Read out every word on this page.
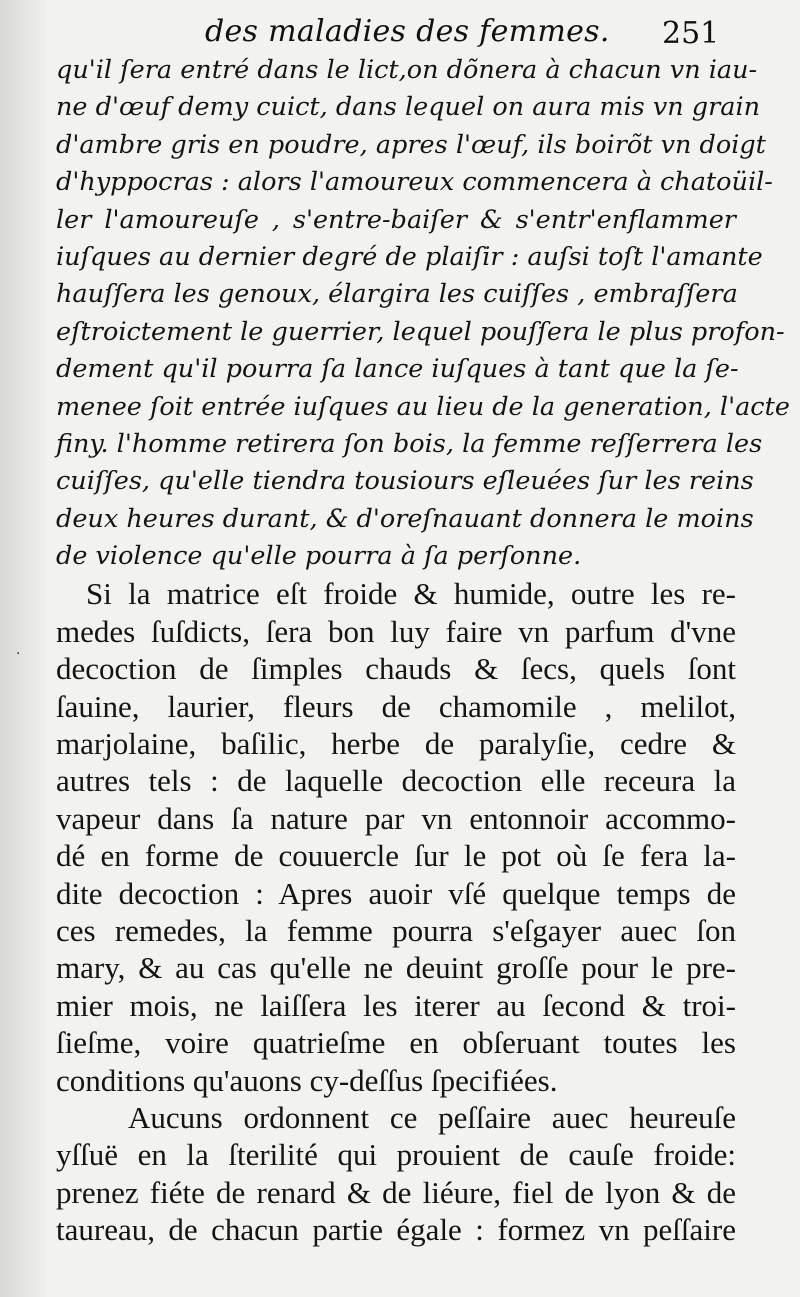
des maladies des femmes. 251
·
qu'il ſera entré dans le lict,on dõnera à chacun vn iau-
ne d'œuf demy cuict, dans lequel on aura mis vn grain
d'ambre gris en poudre, apres l'œuf, ils boirõt vn doigt
d'hyppocras : alors l'amoureux commencera à chatoüil-
ler l'amoureuſe , s'entre-baiſer & s'entr'enflammer
iuſques au dernier degré de plaiſir : auſsi toſt l'amante
hauſſera les genoux, élargira les cuiſſes , embraſſera
eſtroictement le guerrier, lequel pouſſera le plus profon-
dement qu'il pourra ſa lance iuſques à tant que la ſe-
menee ſoit entrée iuſques au lieu de la generation, l'acte
finy. l'homme retirera ſon bois, la femme reſſerrera les
cuiſſes, qu'elle tiendra tousiours eſleuées ſur les reins
deux heures durant, & d'oreſnauant donnera le moins
de violence qu'elle pourra à ſa perſonne.
Si la matrice eſt froide & humide, outre les re-
medes ſuſdicts, ſera bon luy faire vn parfum d'vne
decoction de ſimples chauds & ſecs, quels ſont
ſauine, laurier, fleurs de chamomile , melilot,
marjolaine, baſilic, herbe de paralyſie, cedre &
autres tels : de laquelle decoction elle receura la
vapeur dans ſa nature par vn entonnoir accommo-
dé en forme de couuercle ſur le pot où ſe fera la-
dite decoction : Apres auoir vſé quelque temps de
ces remedes, la femme pourra s'eſgayer auec ſon
mary, & au cas qu'elle ne deuint groſſe pour le pre-
mier mois, ne laiſſera les iterer au ſecond & troi-
ſieſme, voire quatrieſme en obſeruant toutes les
conditions qu'auons cy-deſſus ſpecifiées.
Aucuns ordonnent ce peſſaire auec heureuſe
yſſuë en la ſterilité qui prouient de cauſe froide:
prenez fiéte de renard & de liéure, fiel de lyon & de
taureau, de chacun partie égale : formez vn peſſaire
